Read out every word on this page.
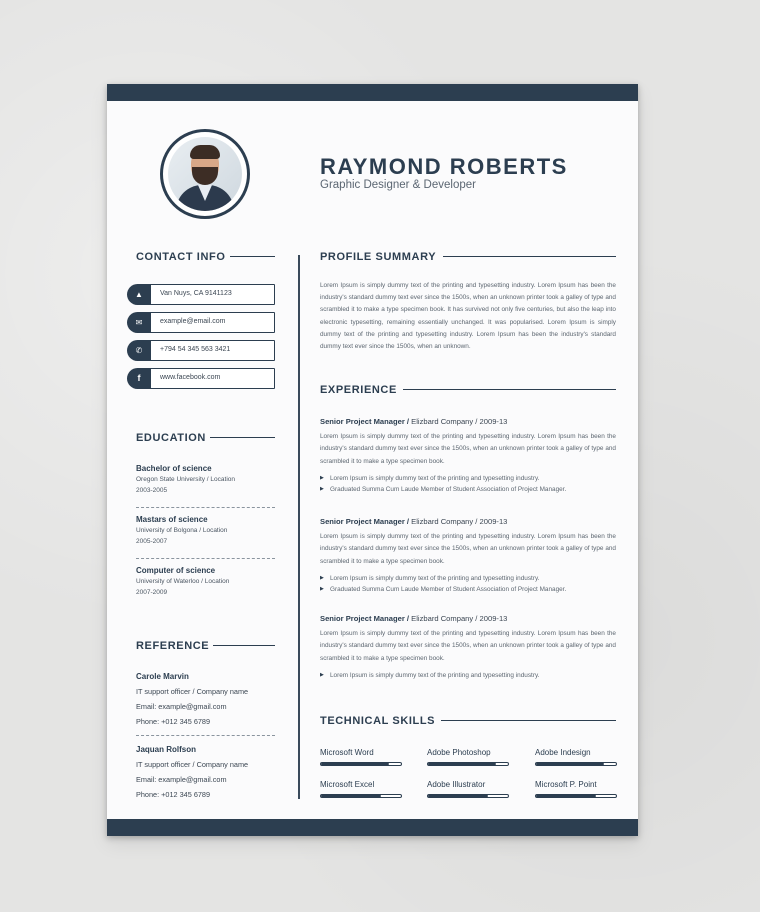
RAYMOND ROBERTS
Graphic Designer & Developer
CONTACT INFO
▲	Van Nuys, CA 9141123
✉	example@email.com
✆	+794 54 345 563 3421
f	www.facebook.com
EDUCATION
Bachelor of science
Oregon State University / Location
2003-2005
Mastars of science
University of Bolgona / Location
2005-2007
Computer of science
University of Waterloo / Location
2007-2009
REFERENCE
Carole Marvin
IT support officer / Company name
Email: example@gmail.com
Phone: +012 345 6789
Jaquan Rolfson
IT support officer / Company name
Email: example@gmail.com
Phone: +012 345 6789
PROFILE SUMMARY
Lorem Ipsum is simply dummy text of the printing and typesetting industry. Lorem Ipsum has been the industry's standard dummy text ever since the 1500s, when an unknown printer took a galley of type and scrambled it to make a type specimen book. It has survived not only five centuries, but also the leap into electronic typesetting, remaining essentially unchanged. It was popularised. Lorem Ipsum is simply dummy text of the printing and typesetting industry. Lorem Ipsum has been the industry's standard dummy text ever since the 1500s, when an unknown.
EXPERIENCE
Senior Project Manager / Elizbard Company / 2009-13
Lorem Ipsum is simply dummy text of the printing and typesetting industry. Lorem Ipsum has been the industry's standard dummy text ever since the 1500s, when an unknown printer took a galley of type and scrambled it to make a type specimen book.
▶ Lorem Ipsum is simply dummy text of the printing and typesetting industry.
▶ Graduated Summa Cum Laude Member of Student Association of Project Manager.
Senior Project Manager / Elizbard Company / 2009-13
Lorem Ipsum is simply dummy text of the printing and typesetting industry. Lorem Ipsum has been the industry's standard dummy text ever since the 1500s, when an unknown printer took a galley of type and scrambled it to make a type specimen book.
▶ Lorem Ipsum is simply dummy text of the printing and typesetting industry.
▶ Graduated Summa Cum Laude Member of Student Association of Project Manager.
Senior Project Manager / Elizbard Company / 2009-13
Lorem Ipsum is simply dummy text of the printing and typesetting industry. Lorem Ipsum has been the industry's standard dummy text ever since the 1500s, when an unknown printer took a galley of type and scrambled it to make a type specimen book.
▶ Lorem Ipsum is simply dummy text of the printing and typesetting industry.
TECHNICAL SKILLS
Microsoft Word	Adobe Photoshop	Adobe Indesign
Microsoft Excel	Adobe Illustrator	Microsoft P. Point
